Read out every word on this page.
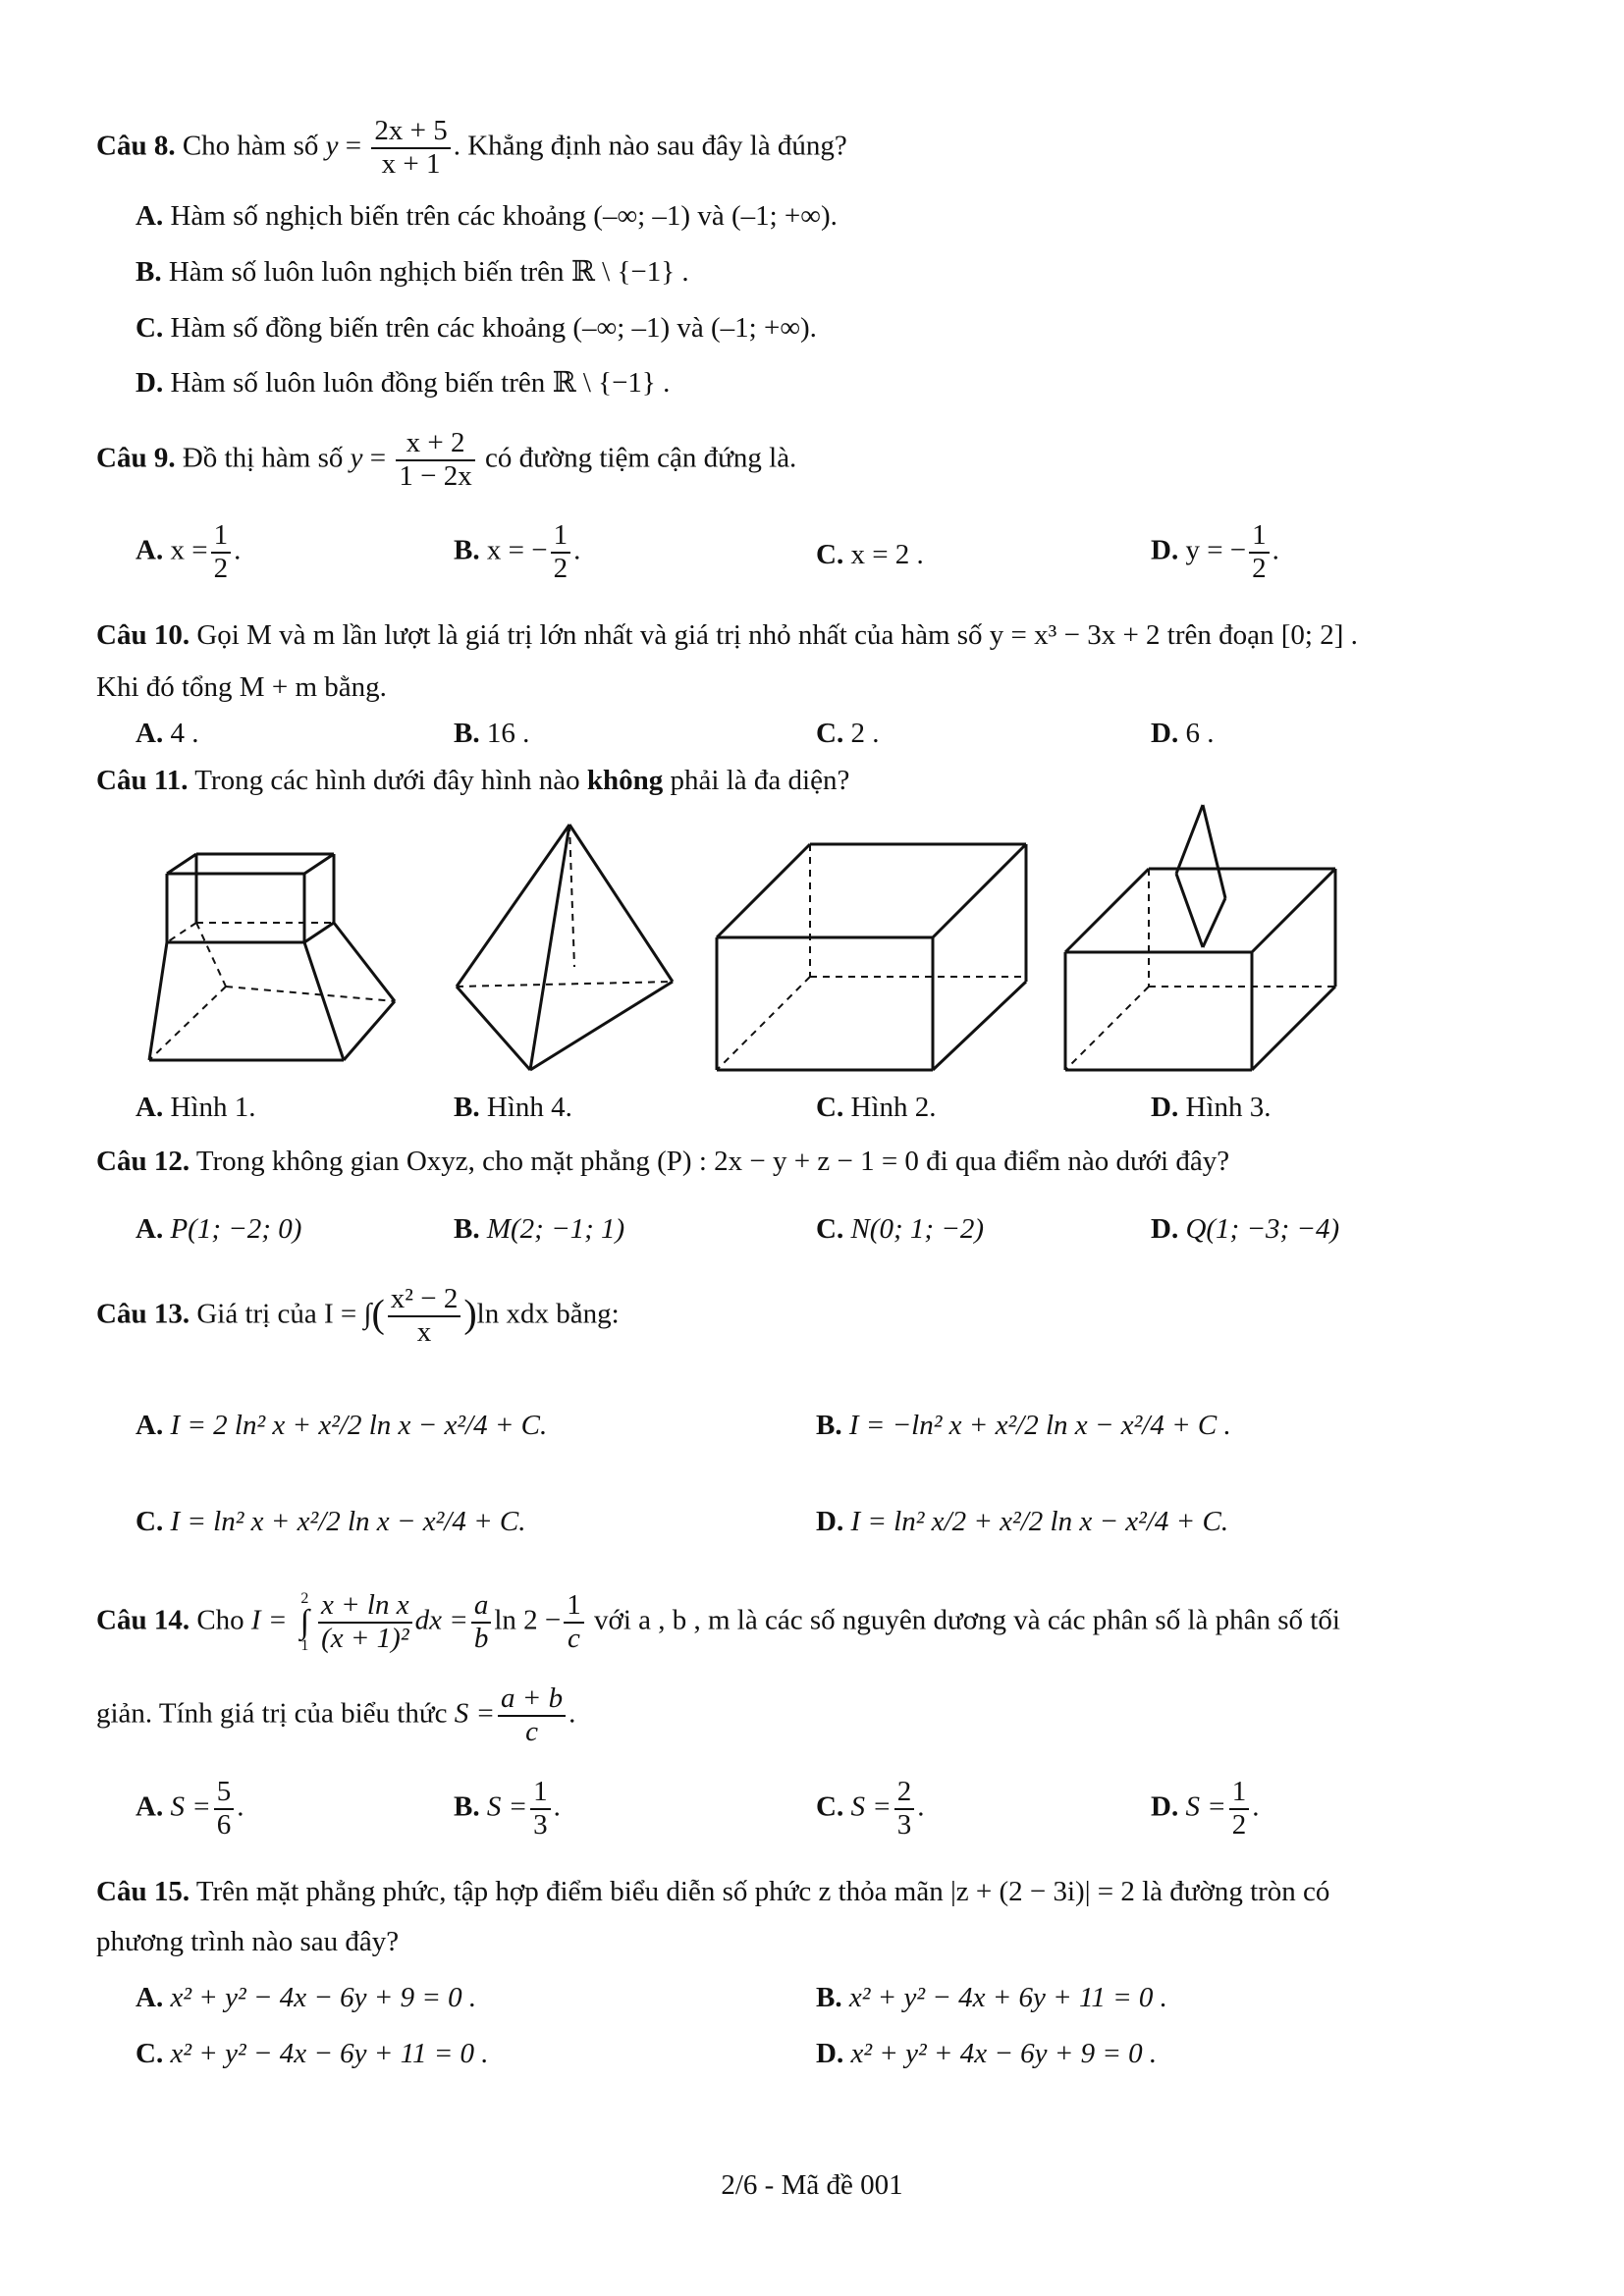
Câu 8. Cho hàm số $y = \frac{2x + 5}{x + 1}$ . Khẳng định nào sau đây là đúng?
A. Hàm số nghịch biến trên các khoảng (–∞; –1) và (–1; +∞).
B. Hàm số luôn luôn nghịch biến trên ℝ \ {−1} .
C. Hàm số đồng biến trên các khoảng (–∞; –1) và (–1; +∞).
D. Hàm số luôn luôn đồng biến trên ℝ \ {−1} .
Câu 9. Đồ thị hàm số $y = \frac{x + 2}{1 - 2x}$ có đường tiệm cận đứng là.
A. $x = \frac{1}{2}$ .	B. x = − $\frac{1}{2}$ .	C. x = 2 .	D. y = − $\frac{1}{2}$ .
Câu 10. Gọi M và m lần lượt là giá trị lớn nhất và giá trị nhỏ nhất của hàm số y = x³ − 3x + 2 trên đoạn [0; 2] .
Khi đó tổng M + m bằng.
A. 4 .	B. 16 .	C. 2 .	D. 6 .
Câu 11. Trong các hình dưới đây hình nào không phải là đa diện?
A. Hình 1.	B. Hình 4.	C. Hình 2.	D. Hình 3.
Câu 12. Trong không gian Oxyz, cho mặt phẳng (P) : 2x − y + z − 1 = 0 đi qua điểm nào dưới đây?
A. P(1; −2; 0)	B. M(2; −1; 1)	C. N(0; 1; −2)	D. Q(1; −3; −4)
Câu 13. Giá trị của I = ∫( $\frac{\text{x² − 2}}{x} )\ln$ xdx bằng:
A. I = 2 ln² x + x²/2 ln x − x²/4 + C.	B. I = −ln² x + x²/2 ln x − x²/4 + C .
C. I = ln² x + x²/2 ln x − x²/4 + C.	D. I = ln² x/2 + x²/2 ln x − x²/4 + C.
Câu 14. Cho I =
2
∫
$1 \frac{\text{x + ln x}}{\text{(x + 1)²}}$ dx = $\frac{a}{b}$ $\ln 2 - \frac{1}{c}$ với a , b , m là các số nguyên dương và các phân số là phân số tối
giản. Tính giá trị của biểu thức $S = \frac{a + b}{c}$ .
A. $S = \frac{5}{6}$ .	B. $S = \frac{1}{3}$ .	C. $S = \frac{2}{3}$ .	D. $S = \frac{1}{2}$ .
Câu 15. Trên mặt phẳng phức, tập hợp điểm biểu diễn số phức z thỏa mãn |z + (2 − 3i)| = 2 là đường tròn có
phương trình nào sau đây?
A. x² + y² − 4x − 6y + 9 = 0 .	B. x² + y² − 4x + 6y + 11 = 0 .
C. x² + y² − 4x − 6y + 11 = 0 .	D. x² + y² + 4x − 6y + 9 = 0 .
2/6 - Mã đề 001
